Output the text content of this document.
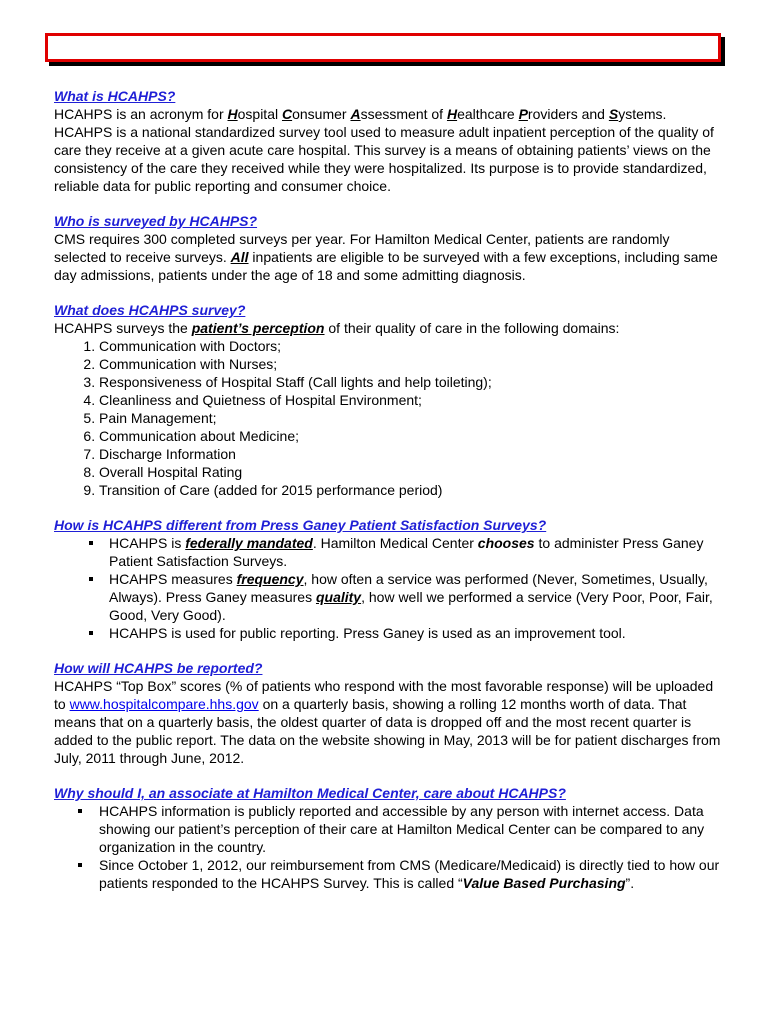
What is HCAHPS?

HCAHPS is an acronym for Hospital Consumer Assessment of Healthcare Providers and Systems.

HCAHPS is a national standardized survey tool used to measure adult inpatient perception of the quality of care they receive at a given acute care hospital. This survey is a means of obtaining patients’ views on the consistency of the care they received while they were hospitalized. Its purpose is to provide standardized, reliable data for public reporting and consumer choice.

Who is surveyed by HCAHPS?

CMS requires 300 completed surveys per year. For Hamilton Medical Center, patients are randomly selected to receive surveys. All inpatients are eligible to be surveyed with a few exceptions, including same day admissions, patients under the age of 18 and some admitting diagnosis.

What does HCAHPS survey?

HCAHPS surveys the patient’s perception of their quality of care in the following domains:

1. Communication with Doctors;
2. Communication with Nurses;
3. Responsiveness of Hospital Staff (Call lights and help toileting);
4. Cleanliness and Quietness of Hospital Environment;
5. Pain Management;
6. Communication about Medicine;
7. Discharge Information
8. Overall Hospital Rating
9. Transition of Care (added for 2015 performance period)
How is HCAHPS different from Press Ganey Patient Satisfaction Surveys?
HCAHPS is federally mandated. Hamilton Medical Center chooses to administer Press Ganey Patient Satisfaction Surveys.
HCAHPS measures frequency, how often a service was performed (Never, Sometimes, Usually, Always). Press Ganey measures quality, how well we performed a service (Very Poor, Poor, Fair, Good, Very Good).
HCAHPS is used for public reporting. Press Ganey is used as an improvement tool.
How will HCAHPS be reported?

HCAHPS “Top Box” scores (% of patients who respond with the most favorable response) will be uploaded to www.hospitalcompare.hhs.gov on a quarterly basis, showing a rolling 12 months worth of data. That means that on a quarterly basis, the oldest quarter of data is dropped off and the most recent quarter is added to the public report. The data on the website showing in May, 2013 will be for patient discharges from July, 2011 through June, 2012.

Why should I, an associate at Hamilton Medical Center, care about HCAHPS?
HCAHPS information is publicly reported and accessible by any person with internet access. Data showing our patient’s perception of their care at Hamilton Medical Center can be compared to any organization in the country.
Since October 1, 2012, our reimbursement from CMS (Medicare/Medicaid) is directly tied to how our patients responded to the HCAHPS Survey. This is called “Value Based Purchasing”.
